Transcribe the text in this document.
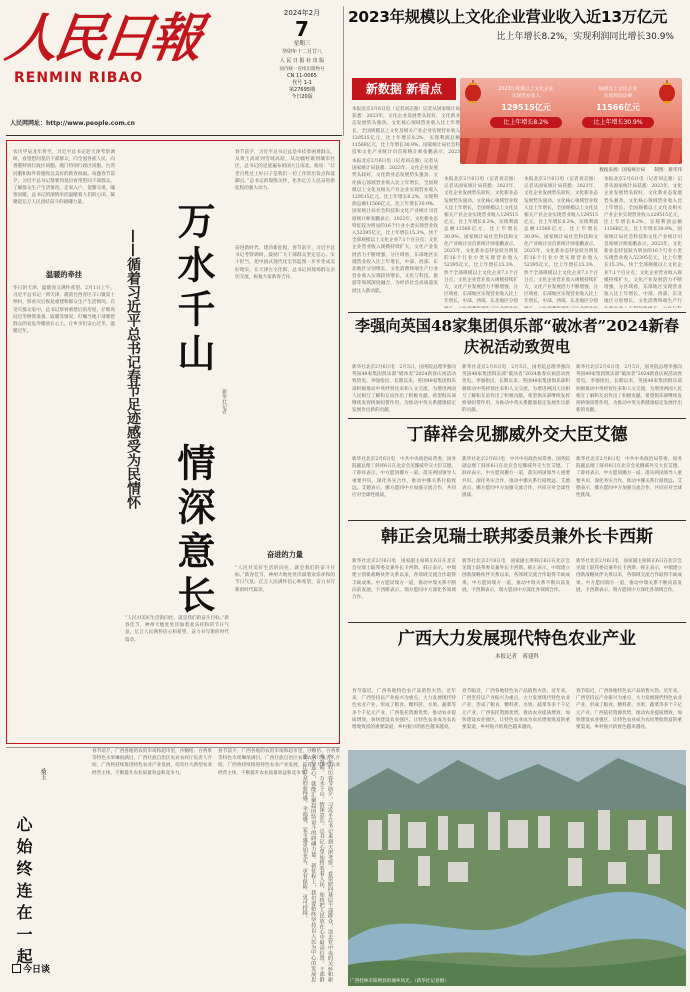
人民日報
RENMIN RIBAO
人民网网址：http://www.people.com.cn
2024年2月
7
星期三
癸卯年十二月廿八
人 民 日 报 社 出 版
国内统一连续出版物号
CN 11-0065
代号 1-1
第27695期
今日20版
2023年规模以上文化企业营业收入近13万亿元
比上年增长8.2%，实现利润同比增长30.9%
新数据 新看点
本报北京2月6日电（记者刘志强）记者从国家统计局获悉：2023年，文化企业发展势头较好，文化新业态发展势头强劲。文化核心领域营业收入比上年增长，全国规模以上文化及相关产业企业实现营业收入129515亿元，比上年增长8.2%，实现利润总额11566亿元，比上年增长30.9%。国家统计局社会科技和文化产业统计司首席统计师张鹏表示，2023
2023年规模以上文化企业
实现营业收入
129515亿元
比上年增长8.2%
规模以上文化企业
实现利润总额
11566亿元
比上年增长30.9%
数据来源：国家统计局　　制图：蔡华伟
本报北京2月6日电（记者刘志强）记者从国家统计局获悉：2023年，文化企业发展势头较好，文化新业态发展势头强劲。文化核心领域营业收入比上年增长，全国规模以上文化及相关产业企业实现营业收入129515亿元，比上年增长8.2%，实现利润总额11566亿元，比上年增长30.9%。国家统计局社会科技和文化产业统计司首席统计师张鹏表示，2023年，文化新业态特征较为明显的16个行业小类实现营业收入52395亿元，比上年增长15.3%，快于全部规模以上文化企业7.1个百分点；文化企业营业收入规模持续扩大，文化产业发展活力不断增强，分区域看，东部地区实现营业收入比上年增长，中部、西部、东北地区分别增长，文化消费终端生产行业营业收入实现较快增长，文化与科技、旅游等领域深度融合，为经济社会高质量发展注入新动能。
本报北京2月6日电（记者刘志强）记者从国家统计局获悉：2023年，文化企业发展势头较好，文化新业态发展势头强劲。文化核心领域营业收入比上年增长，全国规模以上文化及相关产业企业实现营业收入129515亿元，比上年增长8.2%，实现利润总额11566亿元，比上年增长30.9%。国家统计局社会科技和文化产业统计司首席统计师张鹏表示，2023年，文化新业态特征较为明显的16个行业小类实现营业收入52395亿元，比上年增长15.3%，快于全部规模以上文化企业7.1个百分点；文化企业营业收入规模持续扩大，文化产业发展活力不断增强，分区域看，东部地区实现营业收入比上年增长，中部、西部、东北地区分别
本报北京2月6日电（记者刘志强）记者从国家统计局获悉：2023年，文化企业发展势头较好，文化新业态发展势头强劲。文化核心领域营业收入比上年增长，全国规模以上文化及相关产业企业实现营业收入129515亿元，比上年增长8.2%，实现利润总额11566亿元，比上年增长30.9%。国家统计局社会科技和文化产业统计司首席统计师张鹏表示，2023年，文化新业态特征较为明显的16个行业小类实现营业收入52395亿元，比上年增长15.3%，快于全部规模以上文化企业7.1个百分点；文化企业营业收入规模持续扩大，文化产业发展活力不断增强，分区域看，东部地区实现营业收入比上年增长，中部、西部、东北地区分别
本报北京2月6日电（记者刘志强）记者从国家统计局获悉：2023年，文化企业发展势头较好，文化新业态发展势头强劲。文化核心领域营业收入比上年增长，全国规模以上文化及相关产业企业实现营业收入129515亿元，比上年增长8.2%，实现利润总额11566亿元，比上年增长30.9%。国家统计局社会科技和文化产业统计司首席统计师张鹏表示，2023年，文化新业态特征较为明显的16个行业小类实现营业收入52395亿元，比上年增长15.3%，快于全部规模以上文化企业7.1个百分点；文化企业营业收入规模持续扩大，文化产业发展活力不断增强，分区域看，东部地区实现营业收入比上年增长，中部、西部、东北地区分别增长，文化消费终端生产行
李强向英国48家集团俱乐部“破冰者”2024新春庆祝活动致贺电
新华社北京2月6日电　2月5日，国务院总理李强向英国48家集团俱乐部“破冰者”2024新春庆祝活动致贺电。李强指出，长期以来，英国48家集团俱乐部积极推动中英经贸往来和人文交流，为增进两国人民相互了解和友谊作出了积极贡献。希望俱乐部继续发挥桥梁纽带作用，为推动中英关系健康稳定发展作出新的贡献。
新华社北京2月6日电　2月5日，国务院总理李强向英国48家集团俱乐部“破冰者”2024新春庆祝活动致贺电。李强指出，长期以来，英国48家集团俱乐部积极推动中英经贸往来和人文交流，为增进两国人民相互了解和友谊作出了积极贡献。希望俱乐部继续发挥桥梁纽带作用，为推动中英关系健康稳定发展作出新的贡献。
新华社北京2月6日电　2月5日，国务院总理李强向英国48家集团俱乐部“破冰者”2024新春庆祝活动致贺电。李强指出，长期以来，英国48家集团俱乐部积极推动中英经贸往来和人文交流，为增进两国人民相互了解和友谊作出了积极贡献。希望俱乐部继续发挥桥梁纽带作用，为推动中英关系健康稳定发展作出新的贡献。
丁薛祥会见挪威外交大臣艾德
新华社北京2月6日电　中共中央政治局常委、国务院副总理丁薛祥6日在北京会见挪威外交大臣艾德。丁薛祥表示，中方愿同挪方一道，落实两国领导人重要共识，深化务实合作，推动中挪关系行稳致远。艾德表示，挪方愿同中方加强交流合作，共同应对全球性挑战。
新华社北京2月6日电　中共中央政治局常委、国务院副总理丁薛祥6日在北京会见挪威外交大臣艾德。丁薛祥表示，中方愿同挪方一道，落实两国领导人重要共识，深化务实合作，推动中挪关系行稳致远。艾德表示，挪方愿同中方加强交流合作，共同应对全球性挑战。
新华社北京2月6日电　中共中央政治局常委、国务院副总理丁薛祥6日在北京会见挪威外交大臣艾德。丁薛祥表示，中方愿同挪方一道，落实两国领导人重要共识，深化务实合作，推动中挪关系行稳致远。艾德表示，挪方愿同中方加强交流合作，共同应对全球性挑战。
韩正会见瑞士联邦委员兼外长卡西斯
新华社北京2月6日电　国家副主席韩正6日在北京会见瑞士联邦委员兼外长卡西斯。韩正表示，中瑞建立创新战略伙伴关系以来，各领域交流合作取得丰硕成果。中方愿同瑞方一道，推动中瑞关系不断向前发展。卡西斯表示，瑞方愿同中方深化各领域合作。
新华社北京2月6日电　国家副主席韩正6日在北京会见瑞士联邦委员兼外长卡西斯。韩正表示，中瑞建立创新战略伙伴关系以来，各领域交流合作取得丰硕成果。中方愿同瑞方一道，推动中瑞关系不断向前发展。卡西斯表示，瑞方愿同中方深化各领域合作。
新华社北京2月6日电　国家副主席韩正6日在北京会见瑞士联邦委员兼外长卡西斯。韩正表示，中瑞建立创新战略伙伴关系以来，各领域交流合作取得丰硕成果。中方愿同瑞方一道，推动中瑞关系不断向前发展。卡西斯表示，瑞方愿同中方深化各领域合作。
广西大力发展现代特色农业产业
本报记者　蒋建科
农历甲辰龙年将至，习近平总书记赴天津考察调研，看望慰问基层干部群众，向全国各族人民、向香港特别行政区同胞、澳门特别行政区同胞、台湾同胞和海外侨胞致以美好的新春祝福。每逢春节前夕，习近平总书记都要到基层看望慰问干部群众，了解群众生产生活情况。走家入户，促膝交谈，嘘寒问暖，总书记的深情牵挂温暖着人们的心田，凝聚起亿万人民团结奋斗的磅礴力量。
温暖的牵挂
冬日的天津，温暖而又满怀希望。2月1日上午，习近平总书记一到天津，就前往西青区辛口镇第十埠村，察看灾后恢复重建和群众生产生活情况。在受灾群众家中，总书记察看重建后的房屋，仔细询问过冬物资准备、取暖等情况，叮嘱当地干部要把群众的安危冷暖放在心上，让乡亲们安心过冬、温暖过年。	万水千山
情深意长
——循着习近平总书记春节足迹感受为民情怀	新华社记者
春节前夕，习近平总书记总是牵挂着困难群众。从黄土高原到雪域高原，从边疆村寨到城市社区，总书记的足迹遍布祖国大江南北。他说：“让老百姓过上好日子是我们一切工作的出发点和落脚点。”总书记的殷殷关怀，化作亿万人民奋进新征程的强大动力。
奋进新时代，建功新征程。春节前夕，习近平总书记考察调研，鼓励广大干部群众坚定信心、实干担当，把中国式现代化宏伟蓝图一步步变成美好现实。在天津古文化街，总书记同现场群众亲切交流，祝福大家新春吉祥。
奋进的力量
“人民对美好生活的向往，就是我们的奋斗目标。”新春佳节，神州大地处处洋溢着欢乐祥和的节日气氛，亿万人民满怀信心和希望，奋力书写新的时代篇章。
“人民对美好生活的向往，就是我们的奋斗目标。”新春佳节，神州大地处处洋溢着欢乐祥和的节日气氛，亿万人民满怀信心和希望，奋力书写新的时代篇章。
心始终连在一起
桑玉
今日谈	今年农历春节前夕，习近平总书记来到天津考察，看望慰问基层干部群众，送去党中央的关怀和新春祝福。万水千山，情深意长。总书记心里始终装着人民，始终把人民放在心中最高位置。干部群众心连心，就能汇聚起团结奋斗的磅礴力量。新征程上，我们要始终坚持以人民为中心的发展思想，让群众的获得感、幸福感、安全感更加充实、更有保障、更可持续。
春节临近，广西各地特色农产品销售火热。近年来，广西坚持以产业振兴为重点，大力发展现代特色农业产业，形成了粮食、糖料蔗、水果、蔬菜等多个千亿元产业。广西依托资源优势，推动农业提质增效，加快建设农业强区，让特色农业成为农民增收致富的重要渠道，乡村振兴的底色越来越亮。
春节临近，广西各地特色农产品销售火热。近年来，广西坚持以产业振兴为重点，大力发展现代特色农业产业，形成了粮食、糖料蔗、水果、蔬菜等多个千亿元产业。广西依托资源优势，推动农业提质增效，加快建设农业强区，让特色农业成为农民增收致富的重要渠道，乡村振兴的底色越来越亮。
春节临近，广西各地特色农产品销售火热。近年来，广西坚持以产业振兴为重点，大力发展现代特色农业产业，形成了粮食、糖料蔗、水果、蔬菜等多个千亿元产业。广西依托资源优势，推动农业提质增效，加快建设农业强区，让特色农业成为农民增收致富的重要渠道，乡村振兴的底色越来越亮。
春节前夕，广西各地的农贸市场和超市里，沙糖桔、百香果等特色水果琳琅满目。广西壮族自治区农业农村厅负责人介绍，广西将持续推进特色农业产业发展，培育壮大新型农业经营主体，不断提升农业质量效益和竞争力。
春节前夕，广西各地的农贸市场和超市里，沙糖桔、百香果等特色水果琳琅满目。广西壮族自治区农业农村厅负责人介绍，广西将持续推进特色农业产业发展，培育壮大新型农业经营主体，不断提升农业质量效益和竞争力。
广西桂林市阳朔县的城乡风光。（新华社记者摄）
